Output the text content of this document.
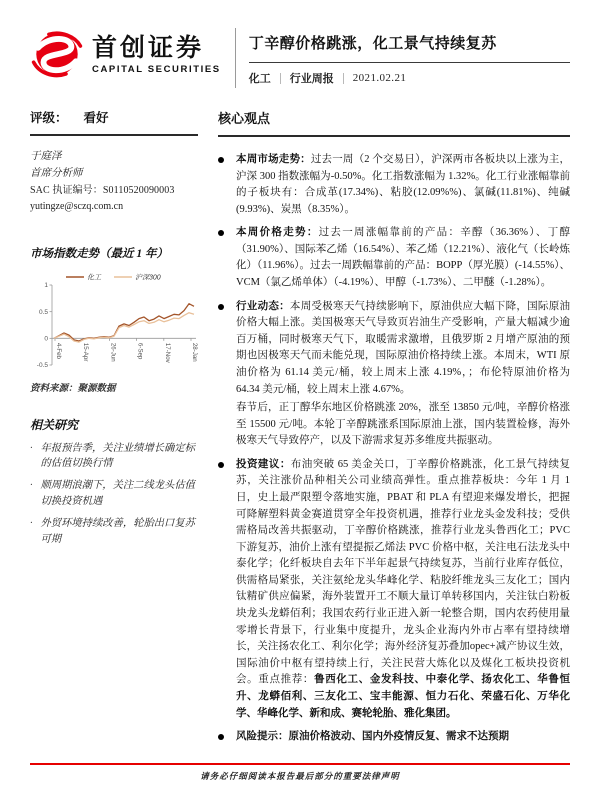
首创证券
CAPITAL SECURITIES
丁辛醇价格跳涨，化工景气持续复苏
化工 行业周报 2021.02.21
评级： 看好
于庭泽
首席分析师
SAC 执证编号：S0110520090003
yutingze@sczq.com.cn
市场指数走势（最近 1 年）
1
0.5
0
-0.5
4-Feb	15-Apr	26-Jun	6-Sep	17-Nov	28-Jan
化工	沪深300
资料来源：聚源数据
相关研究
· 年报预告季，关注业绩增长确定标的估值切换行情
· 顺周期浪潮下，关注二线龙头估值切换投资机遇
· 外贸环境持续改善，轮胎出口复苏可期
核心观点

本周市场走势：过去一周（2 个交易日），沪深两市各板块以上涨为主，沪深 300 指数涨幅为-0.50%。化工指数涨幅为 1.32%。化工行业涨幅靠前的子板块有：合成革(17.34%)、粘胶(12.09%%)、氯碱(11.81%)、纯碱(9.93%)、炭黑（8.35%）。

本周价格走势：过去一周涨幅靠前的产品：辛醇（36.36%）、丁醇（31.90%）、国际苯乙烯（16.54%）、苯乙烯（12.21%）、液化气（长岭炼化）（11.96%）。过去一周跌幅靠前的产品：BOPP（厚光膜）(-14.55%）、VCM（氯乙烯单体）（-4.19%）、甲醇（-1.73%）、二甲醚（-1.28%）。

行业动态：本周受极寒天气持续影响下，原油供应大幅下降，国际原油价格大幅上涨。美国极寒天气导致页岩油生产受影响，产量大幅减少逾百万桶，同时极寒天气下，取暖需求激增，且俄罗斯 2 月增产原油的预期也因极寒天气而未能兑现，国际原油价格持续上涨。本周末，WTI 原油价格为 61.14 美元/桶，较上周末上涨 4.19%，；布伦特原油价格为 64.34 美元/桶，较上周末上涨 4.67%。

春节后，正丁醇华东地区价格跳涨 20%，涨至 13850 元/吨，辛醇价格涨至 15500 元/吨。本轮丁辛醇跳涨系国际原油上涨，国内装置检修，海外极寒天气导致停产，以及下游需求复苏多维度共振驱动。

投资建议：布油突破 65 美金关口，丁辛醇价格跳涨，化工景气持续复苏，关注涨价品种相关公司业绩高弹性。重点推荐板块：今年 1 月 1 日，史上最严限塑令落地实施，PBAT 和 PLA 有望迎来爆发增长，把握可降解塑料黄金赛道贯穿全年投资机遇，推荐行业龙头金发科技；受供需格局改善共振驱动，丁辛醇价格跳涨，推荐行业龙头鲁西化工；PVC 下游复苏，油价上涨有望提振乙烯法 PVC 价格中枢，关注电石法龙头中泰化学；化纤板块自去年下半年起景气持续复苏，当前行业库存低位，供需格局紧张，关注氨纶龙头华峰化学、粘胶纤维龙头三友化工；国内钛精矿供应偏紧，海外装置开工不顺大量订单转移国内，关注钛白粉板块龙头龙蟒佰利；我国农药行业正进入新一轮整合期，国内农药使用量零增长背景下，行业集中度提升，龙头企业海内外市占率有望持续增长，关注扬农化工、利尔化学；海外经济复苏叠加opec+减产协议生效，国际油价中枢有望持续上行，关注民营大炼化以及煤化工板块投资机会。重点推荐：鲁西化工、金发科技、中泰化学、扬农化工、华鲁恒升、龙蟒佰利、三友化工、宝丰能源、恒力石化、荣盛石化、万华化学、华峰化学、新和成、赛轮轮胎、雅化集团。

风险提示：原油价格波动、国内外疫情反复、需求不达预期

请务必仔细阅读本报告最后部分的重要法律声明
